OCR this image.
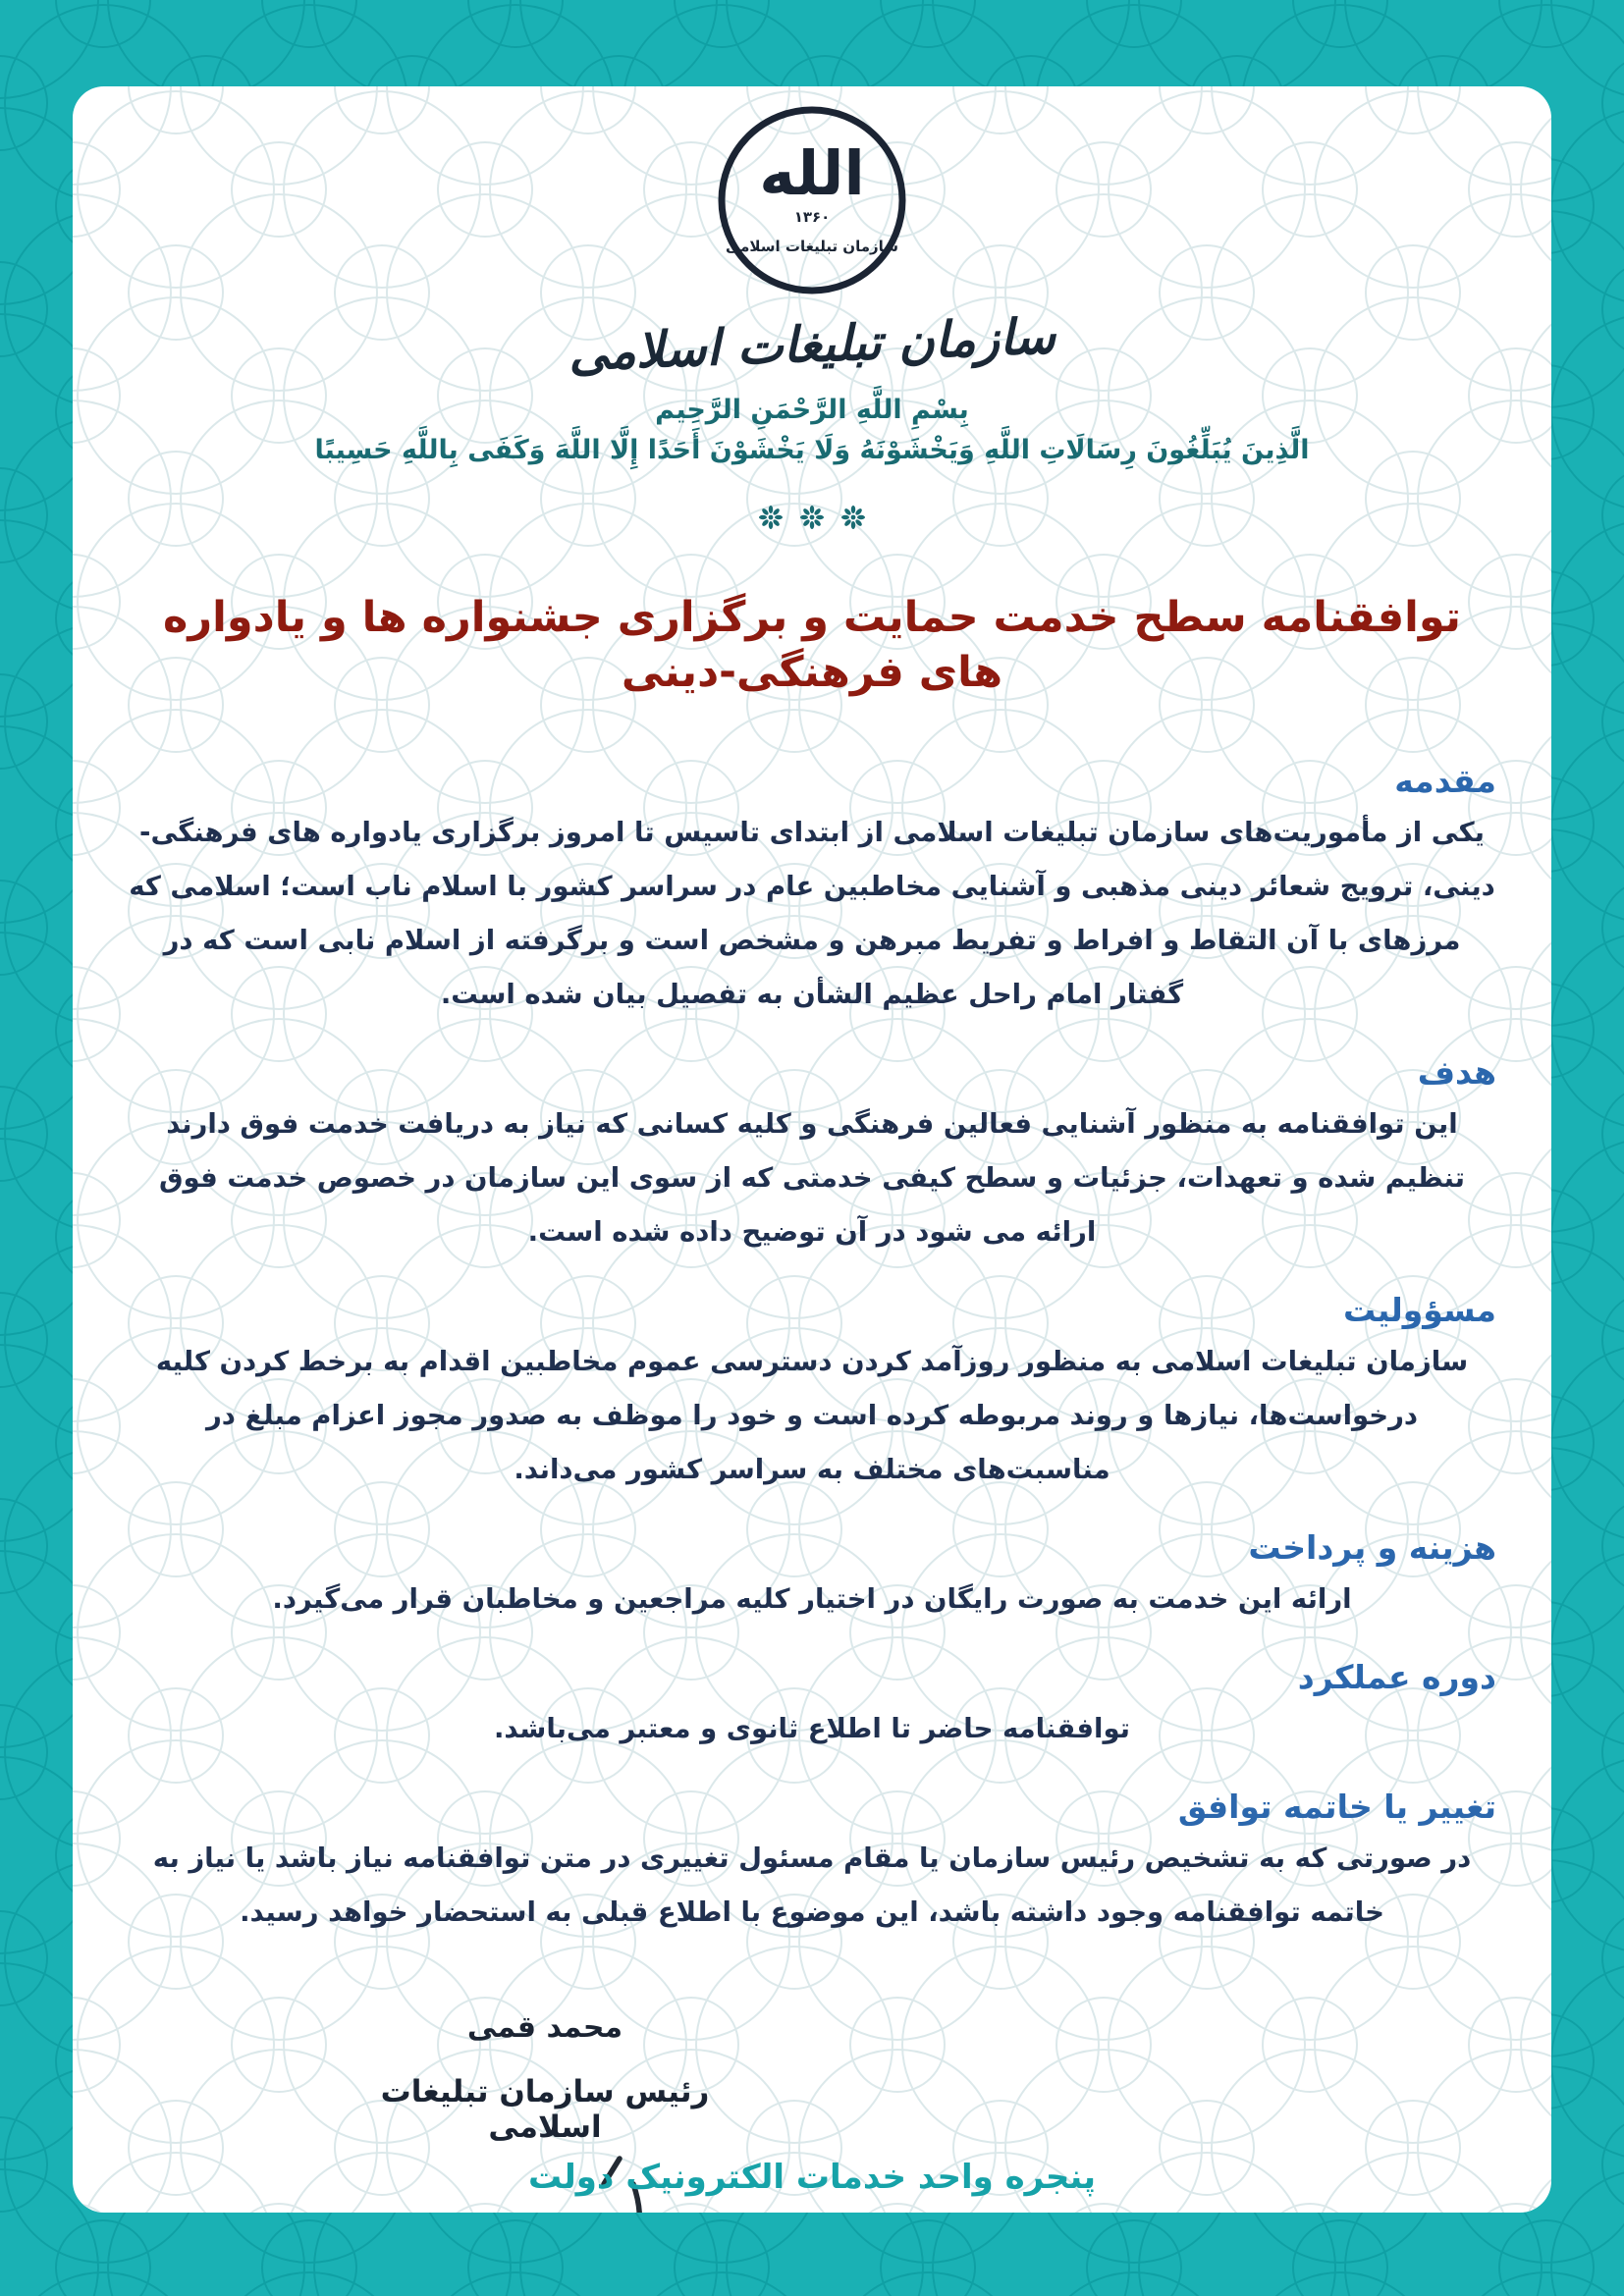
الله
۱۳۶۰
سازمان تبلیغات اسلامی
سازمان تبلیغات اسلامی
بِسْمِ اللَّهِ الرَّحْمَنِ الرَّحِيم
الَّذِينَ يُبَلِّغُونَ رِسَالَاتِ اللَّهِ وَيَخْشَوْنَهُ وَلَا يَخْشَوْنَ أَحَدًا إِلَّا اللَّهَ وَكَفَى بِاللَّهِ حَسِيبًا
توافقنامه سطح خدمت حمایت و برگزاری جشنواره ها و یادواره های فرهنگی-دینی
مقدمه

یکی از مأموریت‌های سازمان تبلیغات اسلامی از ابتدای تاسیس تا امروز برگزاری یادواره های فرهنگی- دینی، ترویج شعائر دینی مذهبی و آشنایی مخاطبین عام در سراسر کشور با اسلام ناب است؛ اسلامی که مرزهای با آن التقاط و افراط و تفریط مبرهن و مشخص است و برگرفته از اسلام نابی است که در گفتار امام راحل عظیم الشأن به تفصیل بیان شده است.

هدف

این توافقنامه به منظور آشنایی فعالین فرهنگی و کلیه کسانی که نیاز به دریافت خدمت فوق دارند تنظیم شده و تعهدات، جزئیات و سطح کیفی خدمتی که از سوی این سازمان در خصوص خدمت فوق ارائه می شود در آن توضیح داده شده است.

مسؤولیت

سازمان تبلیغات اسلامی به منظور روزآمد کردن دسترسی عموم مخاطبین اقدام به برخط کردن کلیه درخواست‌ها، نیازها و روند مربوطه کرده است و خود را موظف به صدور مجوز اعزام مبلغ در مناسبت‌های مختلف به سراسر کشور می‌داند.

هزینه و پرداخت

ارائه این خدمت به صورت رایگان در اختیار کلیه مراجعین و مخاطبان قرار می‌گیرد.

دوره عملکرد

توافقنامه حاضر تا اطلاع ثانوی و معتبر می‌باشد.

تغییر یا خاتمه توافق

در صورتی که به تشخیص رئیس سازمان یا مقام مسئول تغییری در متن توافقنامه نیاز باشد یا نیاز به خاتمه توافقنامه وجود داشته باشد، این موضوع با اطلاع قبلی به استحضار خواهد رسید.

محمد قمی
رئیس سازمان تبلیغات اسلامی
پنجره واحد خدمات الکترونیک دولت
